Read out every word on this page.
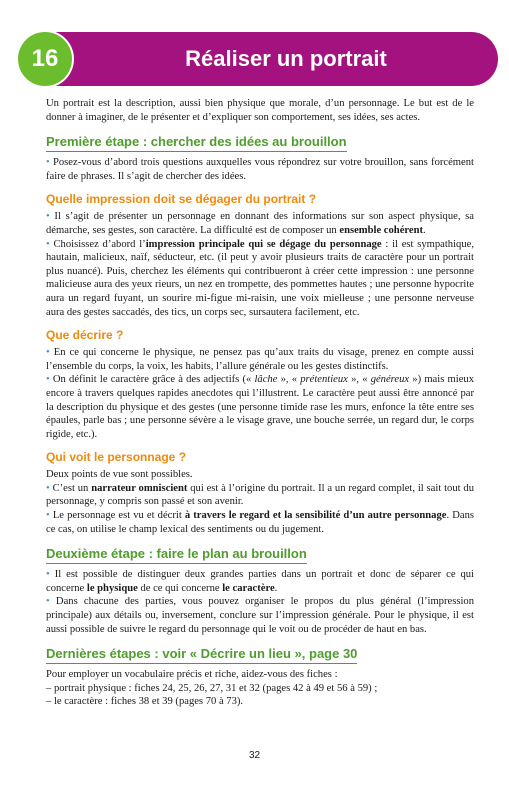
Réaliser un portrait
16

Un portrait est la description, aussi bien physique que morale, d’un personnage. Le but est de le donner à imaginer, de le présenter et d’expliquer son comportement, ses idées, ses actes.

Première étape : chercher des idées au brouillon

• Posez-vous d’abord trois questions auxquelles vous répondrez sur votre brouillon, sans forcément faire de phrases. Il s’agit de chercher des idées.

Quelle impression doit se dégager du portrait ?

• Il s’agit de présenter un personnage en donnant des informations sur son aspect physique, sa démarche, ses gestes, son caractère. La difficulté est de composer un ensemble cohérent.

• Choisissez d’abord l’impression principale qui se dégage du personnage : il est sympathique, hautain, malicieux, naïf, séducteur, etc. (il peut y avoir plusieurs traits de caractère pour un portrait plus nuancé). Puis, cherchez les éléments qui contribueront à créer cette impression : une personne malicieuse aura des yeux rieurs, un nez en trompette, des pommettes hautes ; une personne hypocrite aura un regard fuyant, un sourire mi-figue mi-raisin, une voix mielleuse ; une personne nerveuse aura des gestes saccadés, des tics, un corps sec, sursautera facilement, etc.

Que décrire ?

• En ce qui concerne le physique, ne pensez pas qu’aux traits du visage, prenez en compte aussi l’ensemble du corps, la voix, les habits, l’allure générale ou les gestes distinctifs.

• On définit le caractère grâce à des adjectifs (« lâche », « prétentieux », « généreux ») mais mieux encore à travers quelques rapides anecdotes qui l’illustrent. Le caractère peut aussi être annoncé par la description du physique et des gestes (une personne timide rase les murs, enfonce la tête entre ses épaules, parle bas ; une personne sévère a le visage grave, une bouche serrée, un regard dur, le corps rigide, etc.).

Qui voit le personnage ?

Deux points de vue sont possibles.

• C’est un narrateur omniscient qui est à l’origine du portrait. Il a un regard complet, il sait tout du personnage, y compris son passé et son avenir.

• Le personnage est vu et décrit à travers le regard et la sensibilité d’un autre personnage. Dans ce cas, on utilise le champ lexical des sentiments ou du jugement.

Deuxième étape : faire le plan au brouillon

• Il est possible de distinguer deux grandes parties dans un portrait et donc de séparer ce qui concerne le physique de ce qui concerne le caractère.

• Dans chacune des parties, vous pouvez organiser le propos du plus général (l’impression principale) aux détails ou, inversement, conclure sur l’impression générale. Pour le physique, il est aussi possible de suivre le regard du personnage qui le voit ou de procéder de haut en bas.

Dernières étapes : voir « Décrire un lieu », page 30

Pour employer un vocabulaire précis et riche, aidez-vous des fiches :

– portrait physique : fiches 24, 25, 26, 27, 31 et 32 (pages 42 à 49 et 56 à 59) ;

– le caractère : fiches 38 et 39 (pages 70 à 73).

32
